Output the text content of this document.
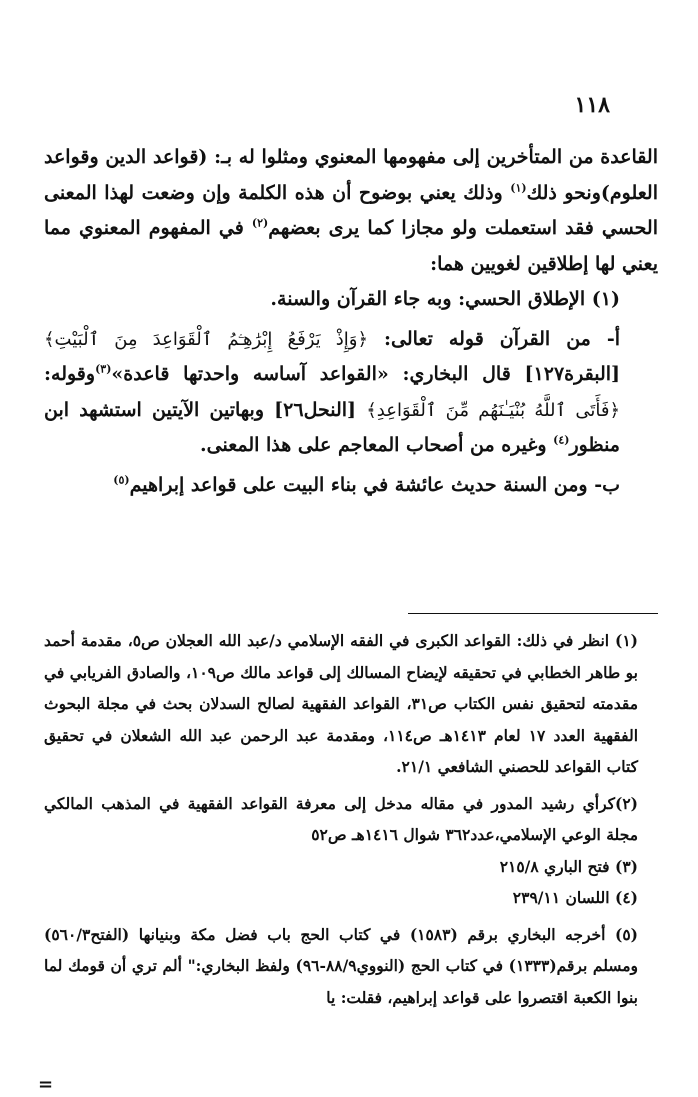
١١٨

القاعدة من المتأخرين إلى مفهومها المعنوي ومثلوا له بـ: (قواعد الدين وقواعد العلوم)ونحو ذلك$^{(١)}$ وذلك يعني بوضوح أن هذه الكلمة وإن وضعت لهذا المعنى الحسي فقد استعملت ولو مجازا كما يرى بعضهم$^{(٢)}$ في المفهوم المعنوي مما يعني لها إطلاقين لغويين هما:

(١) الإطلاق الحسي: وبه جاء القرآن والسنة.

أ- من القرآن قوله تعالى: ﴿وَإِذْ يَرْفَعُ إِبْرَٰهِـۧمُ ٱلْقَوَاعِدَ مِنَ ٱلْبَيْتِ﴾ [البقرة١٢٧] قال البخاري: «القواعد آساسه واحدتها قاعدة»$^{(٣)}$وقوله: ﴿فَأَتَى ٱللَّهُ بُنْيَـٰنَهُم مِّنَ ٱلْقَوَاعِدِ﴾ [النحل٢٦] وبهاتين الآيتين استشهد ابن منظور$^{(٤)}$ وغيره من أصحاب المعاجم على هذا المعنى.

ب- ومن السنة حديث عائشة في بناء البيت على قواعد إبراهيم$^{(٥)}$

(١) انظر في ذلك: القواعد الكبرى في الفقه الإسلامي د/عبد الله العجلان ص٥، مقدمة أحمد بو طاهر الخطابي في تحقيقه لإيضاح المسالك إلى قواعد مالك ص١٠٩، والصادق الفريابي في مقدمته لتحقيق نفس الكتاب ص٣١، القواعد الفقهية لصالح السدلان بحث في مجلة البحوث الفقهية العدد ١٧ لعام ١٤١٣هـ ص١١٤، ومقدمة عبد الرحمن عبد الله الشعلان في تحقيق كتاب القواعد للحصني الشافعي ٢١/١.

(٢)كرأي رشيد المدور في مقاله مدخل إلى معرفة القواعد الفقهية في المذهب المالكي مجلة الوعي الإسلامي،عدد٣٦٢ شوال ١٤١٦هـ ص٥٢

(٣) فتح الباري ٢١٥/٨

(٤) اللسان ٢٣٩/١١

(٥) أخرجه البخاري برقم (١٥٨٣) في كتاب الحج باب فضل مكة وبنيانها (الفتح٥٦٠/٣) ومسلم برقم(١٣٣٣) في كتاب الحج (النووي٨٨/٩-٩٦) ولفظ البخاري:" ألم تري أن قومك لما بنوا الكعبة اقتصروا على قواعد إبراهيم، فقلت: يا

=
